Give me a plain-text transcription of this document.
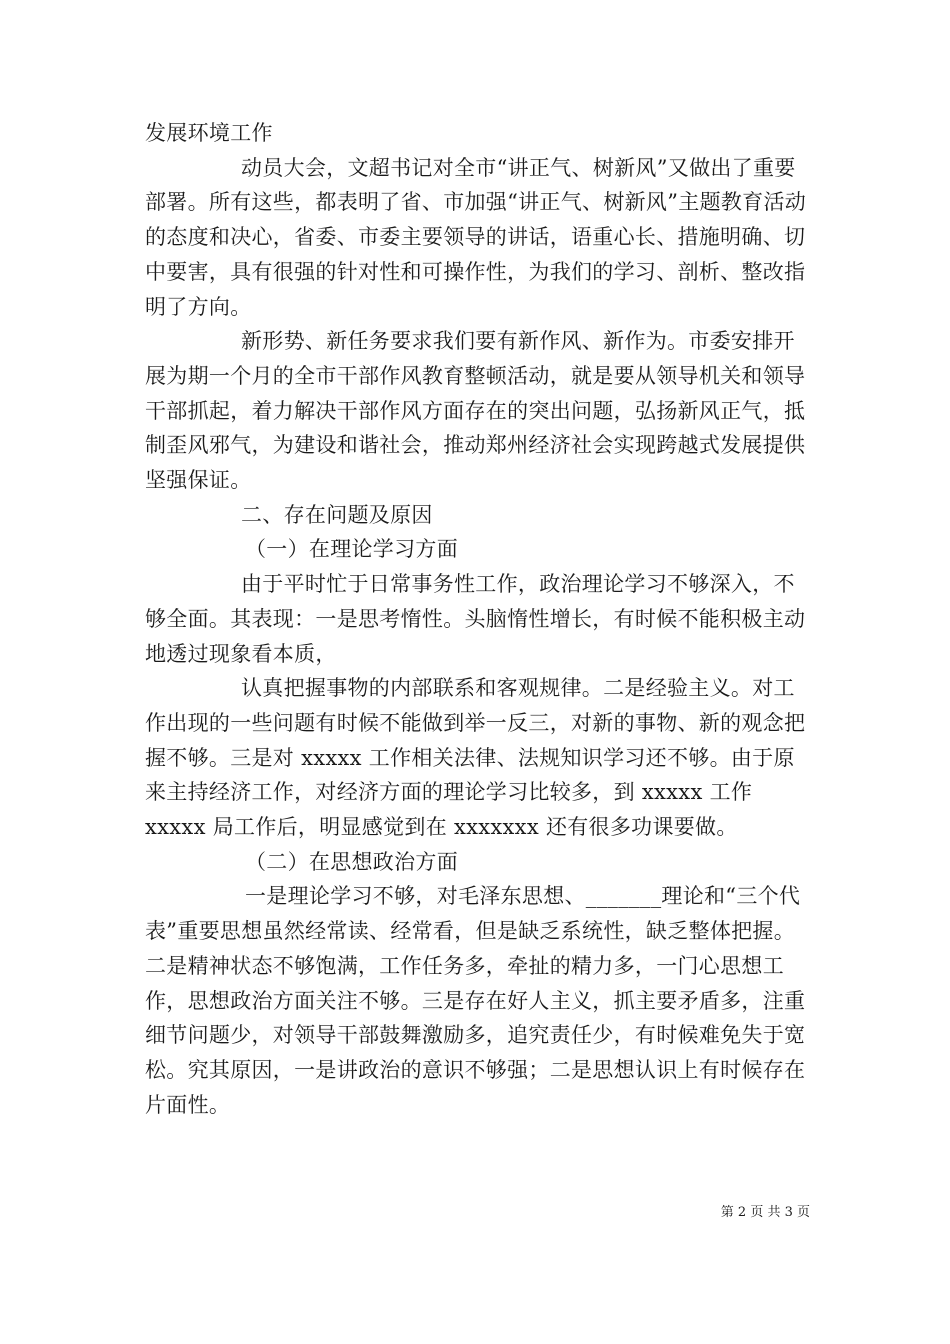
发展环境工作

动员大会，文超书记对全市“讲正气、树新风”又做出了重要部署。所有这些，都表明了省、市加强“讲正气、树新风”主题教育活动的态度和决心，省委、市委主要领导的讲话，语重心长、措施明确、切中要害，具有很强的针对性和可操作性，为我们的学习、剖析、整改指明了方向。

新形势、新任务要求我们要有新作风、新作为。市委安排开展为期一个月的全市干部作风教育整顿活动，就是要从领导机关和领导干部抓起，着力解决干部作风方面存在的突出问题，弘扬新风正气，抵制歪风邪气，为建设和谐社会，推动郑州经济社会实现跨越式发展提供坚强保证。

二、存在问题及原因

（一）在理论学习方面

由于平时忙于日常事务性工作，政治理论学习不够深入，不够全面。其表现：一是思考惰性。头脑惰性增长，有时候不能积极主动地透过现象看本质，

认真把握事物的内部联系和客观规律。二是经验主义。对工作出现的一些问题有时候不能做到举一反三，对新的事物、新的观念把握不够。三是对 xxxxx 工作相关法律、法规知识学习还不够。由于原来主持经济工作，对经济方面的理论学习比较多，到 xxxxx 工作 xxxxx 局工作后，明显感觉到在 xxxxxxx 还有很多功课要做。

（二）在思想政治方面

一是理论学习不够，对毛泽东思想、_______理论和“三个代表”重要思想虽然经常读、经常看，但是缺乏系统性，缺乏整体把握。二是精神状态不够饱满，工作任务多，牵扯的精力多，一门心思想工作，思想政治方面关注不够。三是存在好人主义，抓主要矛盾多，注重细节问题少，对领导干部鼓舞激励多，追究责任少，有时候难免失于宽松。究其原因，一是讲政治的意识不够强；二是思想认识上有时候存在片面性。

第 2 页 共 3 页
